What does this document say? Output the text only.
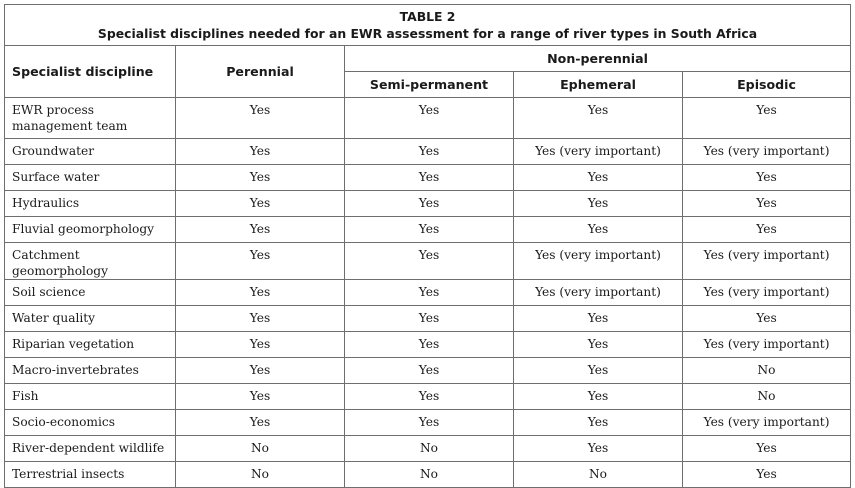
TABLE 2
Specialist disciplines needed for an EWR assessment for a range of river types in South Africa				

Specialist discipline	Perennial	Non-perennial		
		Semi-permanent	Ephemeral	Episodic
EWR process management team	Yes	Yes	Yes	Yes
Groundwater	Yes	Yes	Yes (very important)	Yes (very important)
Surface water	Yes	Yes	Yes	Yes
Hydraulics	Yes	Yes	Yes	Yes
Fluvial geomorphology	Yes	Yes	Yes	Yes
Catchment geomorphology	Yes	Yes	Yes (very important)	Yes (very important)
Soil science	Yes	Yes	Yes (very important)	Yes (very important)
Water quality	Yes	Yes	Yes	Yes
Riparian vegetation	Yes	Yes	Yes	Yes (very important)
Macro-invertebrates	Yes	Yes	Yes	No
Fish	Yes	Yes	Yes	No
Socio-economics	Yes	Yes	Yes	Yes (very important)
River-dependent wildlife	No	No	Yes	Yes
Terrestrial insects	No	No	No	Yes
